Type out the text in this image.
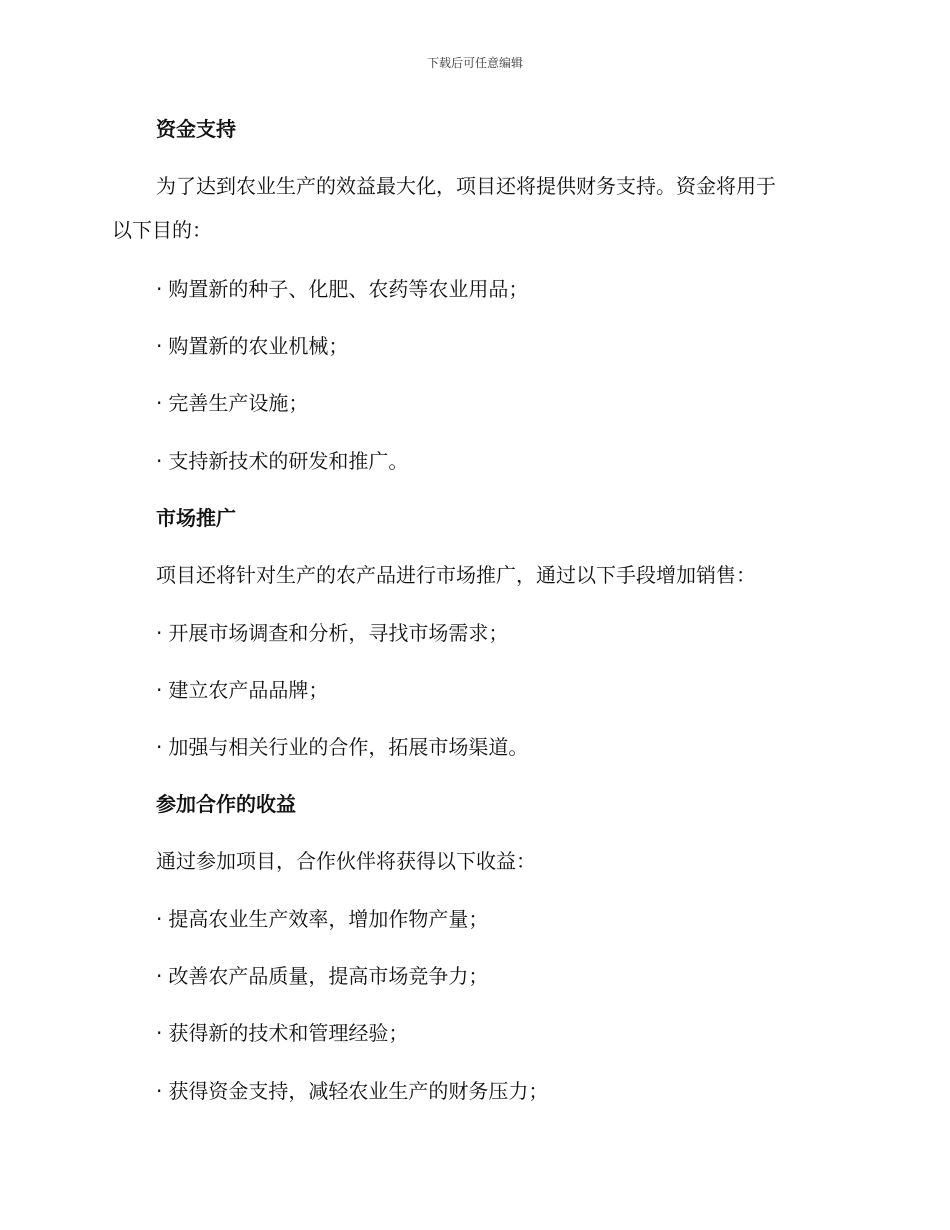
下载后可任意编辑
资金支持
为了达到农业生产的效益最大化，项目还将提供财务支持。资金将用于
以下目的：
· 购置新的种子、化肥、农药等农业用品；
· 购置新的农业机械；
· 完善生产设施；
· 支持新技术的研发和推广。
市场推广
项目还将针对生产的农产品进行市场推广，通过以下手段增加销售：
· 开展市场调查和分析，寻找市场需求；
· 建立农产品品牌；
· 加强与相关行业的合作，拓展市场渠道。
参加合作的收益
通过参加项目，合作伙伴将获得以下收益：
· 提高农业生产效率，增加作物产量；
· 改善农产品质量，提高市场竞争力；
· 获得新的技术和管理经验；
· 获得资金支持，减轻农业生产的财务压力；
